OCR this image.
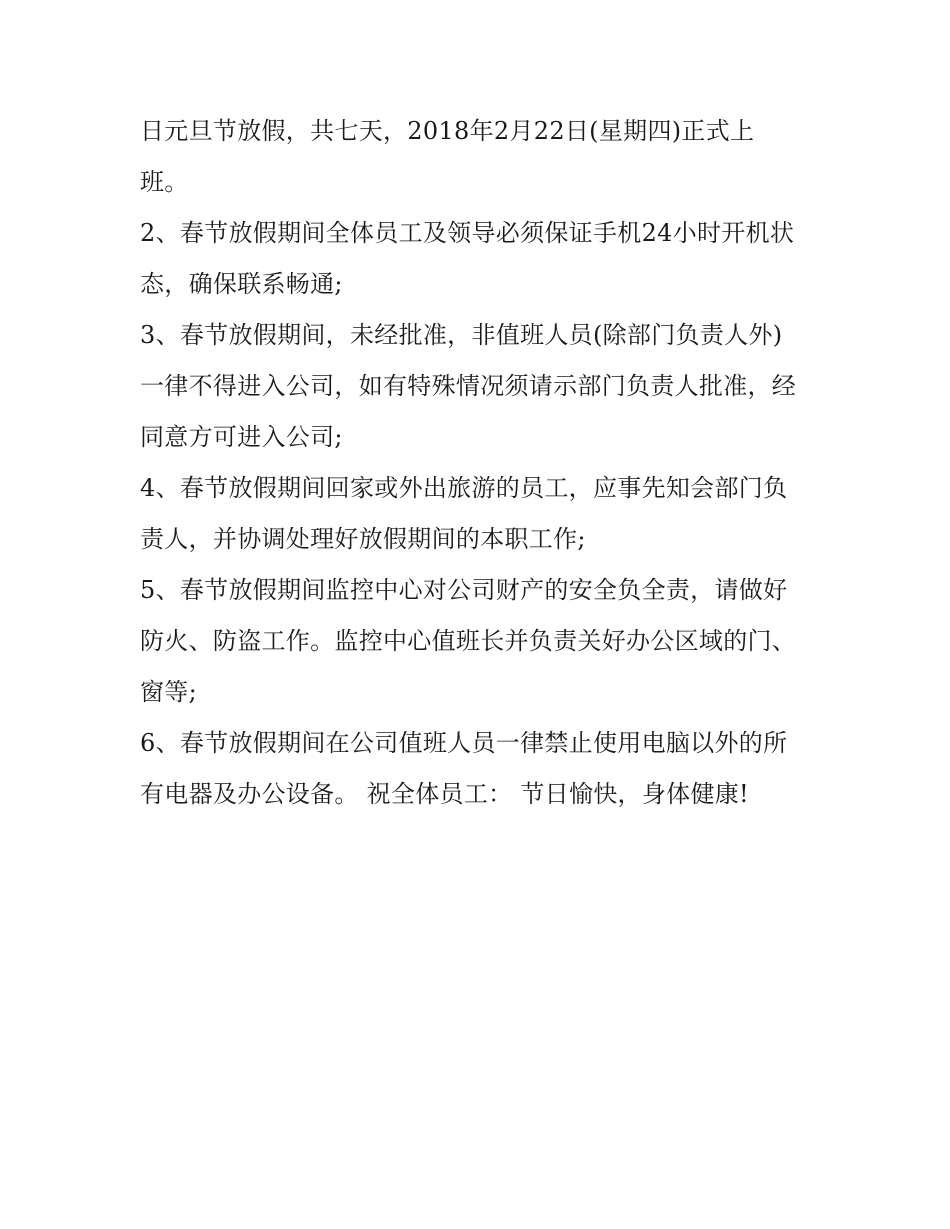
日元旦节放假，共七天，2018年2月22日(星期四)正式上
班。
2、春节放假期间全体员工及领导必须保证手机24小时开机状
态，确保联系畅通;
3、春节放假期间，未经批准，非值班人员(除部门负责人外)
一律不得进入公司，如有特殊情况须请示部门负责人批准，经
同意方可进入公司;
4、春节放假期间回家或外出旅游的员工，应事先知会部门负
责人，并协调处理好放假期间的本职工作;
5、春节放假期间监控中心对公司财产的安全负全责，请做好
防火、防盗工作。监控中心值班长并负责关好办公区域的门、
窗等;
6、春节放假期间在公司值班人员一律禁止使用电脑以外的所
有电器及办公设备。 祝全体员工： 节日愉快，身体健康!
